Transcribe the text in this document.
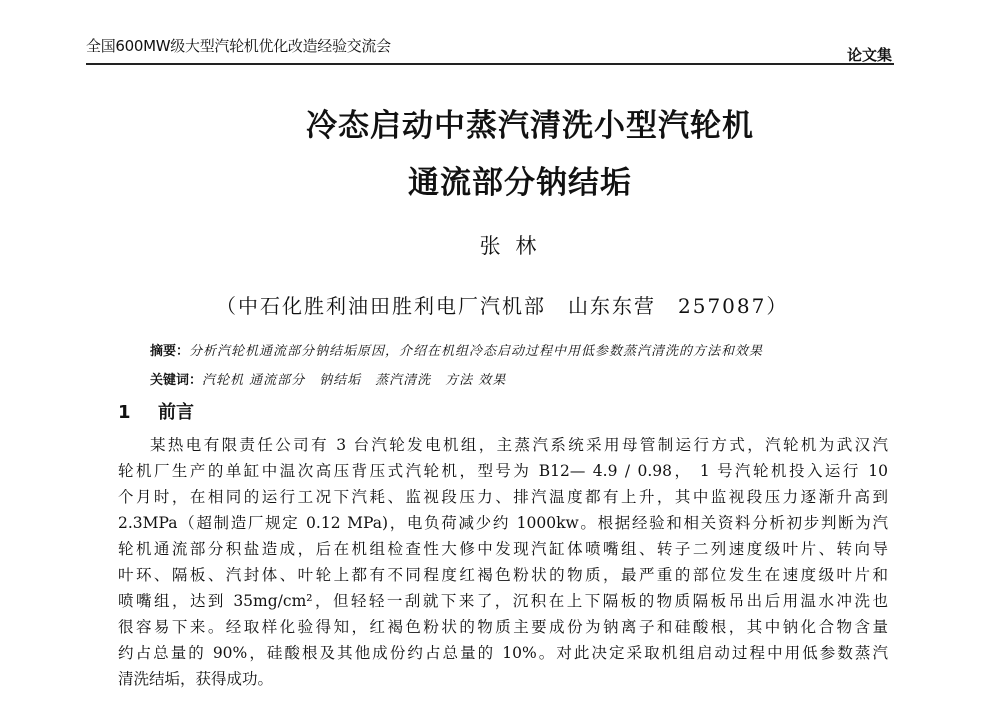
全国600MW级大型汽轮机优化改造经验交流会	论文集
冷态启动中蒸汽清洗小型汽轮机
通流部分钠结垢
张 林
（中石化胜利油田胜利电厂汽机部　山东东营　257087）
摘要：分析汽轮机通流部分钠结垢原因，介绍在机组冷态启动过程中用低参数蒸汽清洗的方法和效果
关键词：汽轮机 通流部分　钠结垢　蒸汽清洗　方法 效果
1 前言
某热电有限责任公司有 3 台汽轮发电机组，主蒸汽系统采用母管制运行方式，汽轮机为武汉汽
轮机厂生产的单缸中温次高压背压式汽轮机，型号为 B12— 4.9 / 0.98， 1 号汽轮机投入运行 10
个月时，在相同的运行工况下汽耗、监视段压力、排汽温度都有上升，其中监视段压力逐渐升高到
2.3MPa（超制造厂规定 0.12 MPa)，电负荷减少约 1000kw。根据经验和相关资料分析初步判断为汽
轮机通流部分积盐造成，后在机组检查性大修中发现汽缸体喷嘴组、转子二列速度级叶片、转向导
叶环、隔板、汽封体、叶轮上都有不同程度红褐色粉状的物质，最严重的部位发生在速度级叶片和
喷嘴组，达到 35mg/cm²，但轻轻一刮就下来了，沉积在上下隔板的物质隔板吊出后用温水冲洗也
很容易下来。经取样化验得知，红褐色粉状的物质主要成份为钠离子和硅酸根，其中钠化合物含量
约占总量的 90%，硅酸根及其他成份约占总量的 10%。对此决定采取机组启动过程中用低参数蒸汽
清洗结垢，获得成功。
